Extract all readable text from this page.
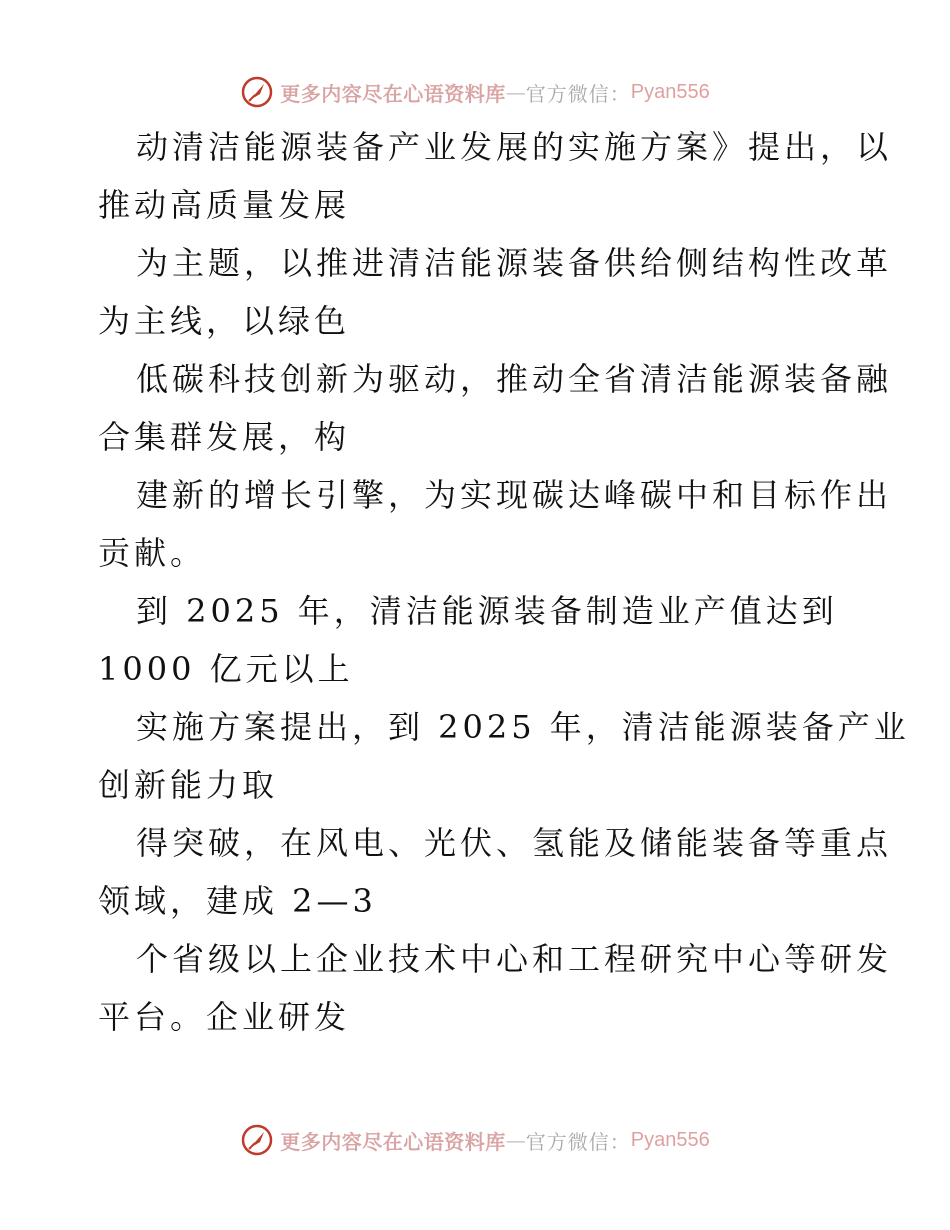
更多内容尽在心语资料库 — 官方微信： Pyan556
动清洁能源装备产业发展的实施方案》提出，以
推动高质量发展
为主题，以推进清洁能源装备供给侧结构性改革
为主线，以绿色
低碳科技创新为驱动，推动全省清洁能源装备融
合集群发展，构
建新的增长引擎，为实现碳达峰碳中和目标作出
贡献。
到 2025 年，清洁能源装备制造业产值达到
1000 亿元以上
实施方案提出，到 2025 年，清洁能源装备产业
创新能力取
得突破，在风电、光伏、氢能及储能装备等重点
领域，建成 2—3
个省级以上企业技术中心和工程研究中心等研发
平台。企业研发
更多内容尽在心语资料库 — 官方微信： Pyan556
